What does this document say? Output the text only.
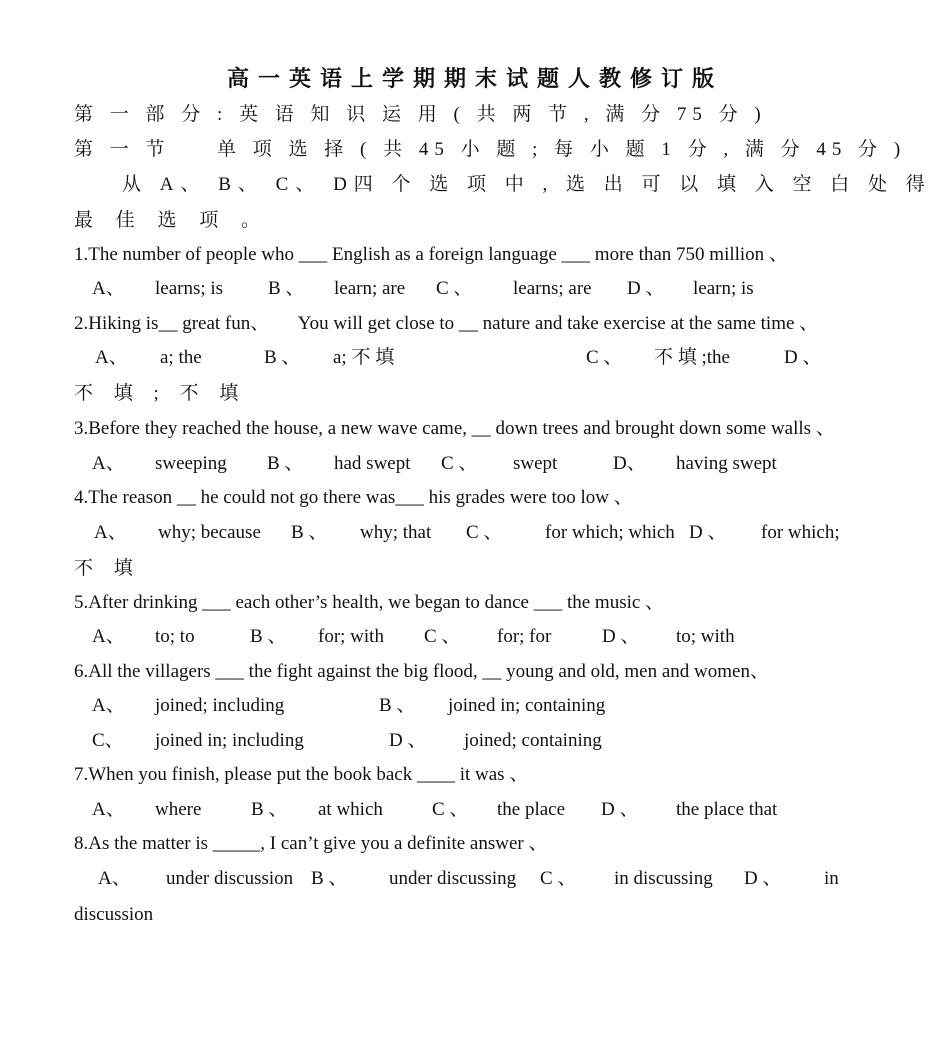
高一英语上学期期末试题人教修订版
第 一 部 分 : 英 语 知 识 运 用 ( 共 两 节 , 满 分 75 分 )
第 一 节 　 单 项 选 择 ( 共 45 小 题 ; 每 小 题 1 分 , 满 分 45 分 )
从 A、 B、 C、 D四 个 选 项 中 , 选 出 可 以 填 入 空 白 处 得
最 佳 选 项 。
1.The number of people who ___ English as a foreign language ___ more than 750 million 、
A、 learns; is B 、 learn; are C 、 learns; are D 、 learn; is
2.Hiking is__ great fun、 　 You will get close to __ nature and take exercise at the same time 、
A、 a; the	B 、 a; 不 填	C 、 不 填 ;the	D 、
不 填 ; 不 填
3.Before they reached the house, a new wave came, __ down trees and brought down some walls 、
A、 sweeping B 、 had swept C 、 swept	D、 having swept
4.The reason __ he could not go there was___ his grades were too low 、
A、 why; because B 、 why; that C 、 for which; which D 、 for which;
不 填
5.After drinking ___ each other’s health, we began to dance ___ the music 、
A、 to; to	B 、 for; with C 、 for; for	D 、 to; with
6.All the villagers ___ the fight against the big flood, __ young and old, men and women、
A、 joined; including	B 、 joined in; containing
C、 joined in; including	D 、 joined; containing
7.When you finish, please put the book back ____ it was 、
A、 where	B 、 at which	C 、 the place D 、 the place that
8.As the matter is _____, I can’t give you a definite answer 、
A、 under discussion B 、 under discussing C 、 in discussing D 、 in
discussion
